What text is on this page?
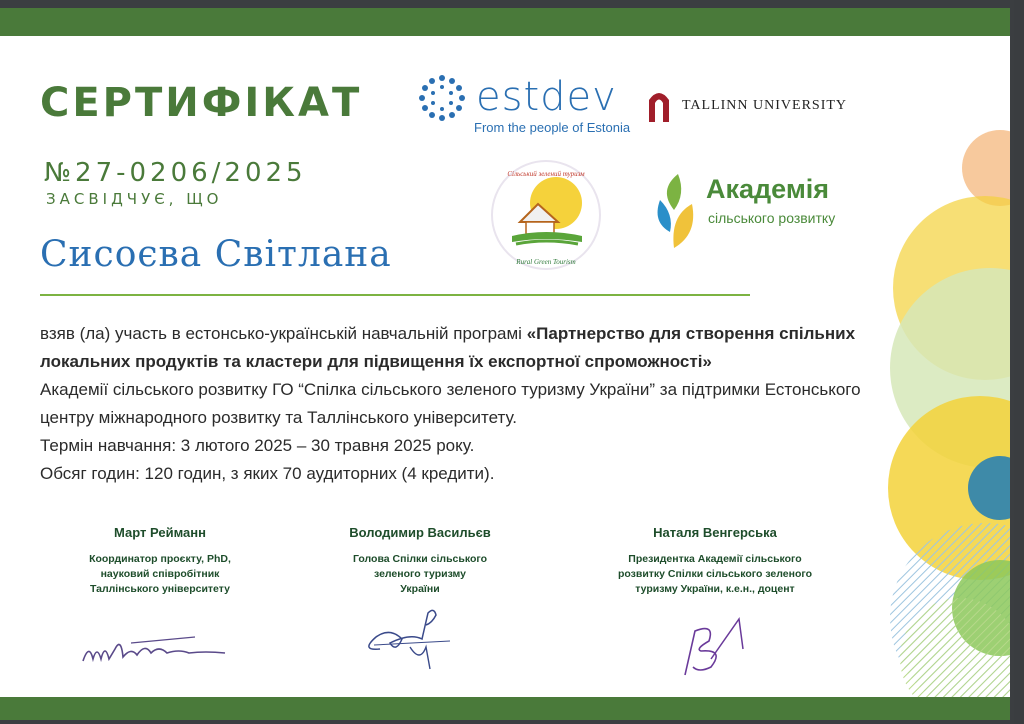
СЕРТИФІКАТ
№27-0206/2025
ЗАСВІДЧУЄ, ЩО
Сисоєва Світлана
estdev
From the people of Estonia
TALLINN UNIVERSITY
Сільський зелений туризм
Rural Green Tourism
Академія
сільського розвитку

взяв (ла) участь в естонсько-українській навчальній програмі «Партнерство для створення спільних локальних продуктів та кластери для підвищення їх експортної спроможності»

Академії сільського розвитку ГО “Спілка сільського зеленого туризму України” за підтримки Естонського центру міжнародного розвитку та Таллінського університету.

Термін навчання: 3 лютого 2025 – 30 травня 2025 року.

Обсяг годин: 120 годин, з яких 70 аудиторних (4 кредити).

Март Рейманн
Координатор проєкту, PhD,
науковий співробітник
Таллінського університету
Володимир Васильєв
Голова Спілки сільського
зеленого туризму
України
Наталя Венгерська
Президентка Академії сільського
розвитку Спілки сільського зеленого
туризму України, к.е.н., доцент
